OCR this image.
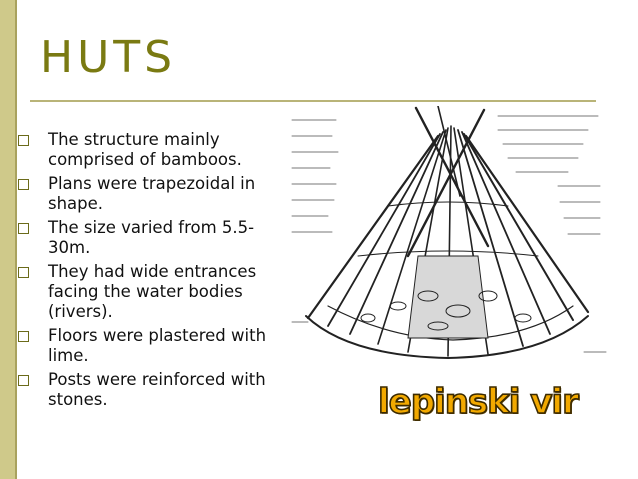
HUTS
The structure mainly comprised of bamboos.
Plans were trapezoidal in shape.
The size varied from 5.5-30m.
They had wide entrances facing the water bodies (rivers).
Floors were plastered with lime.
Posts were reinforced with stones.	lepinski vir
